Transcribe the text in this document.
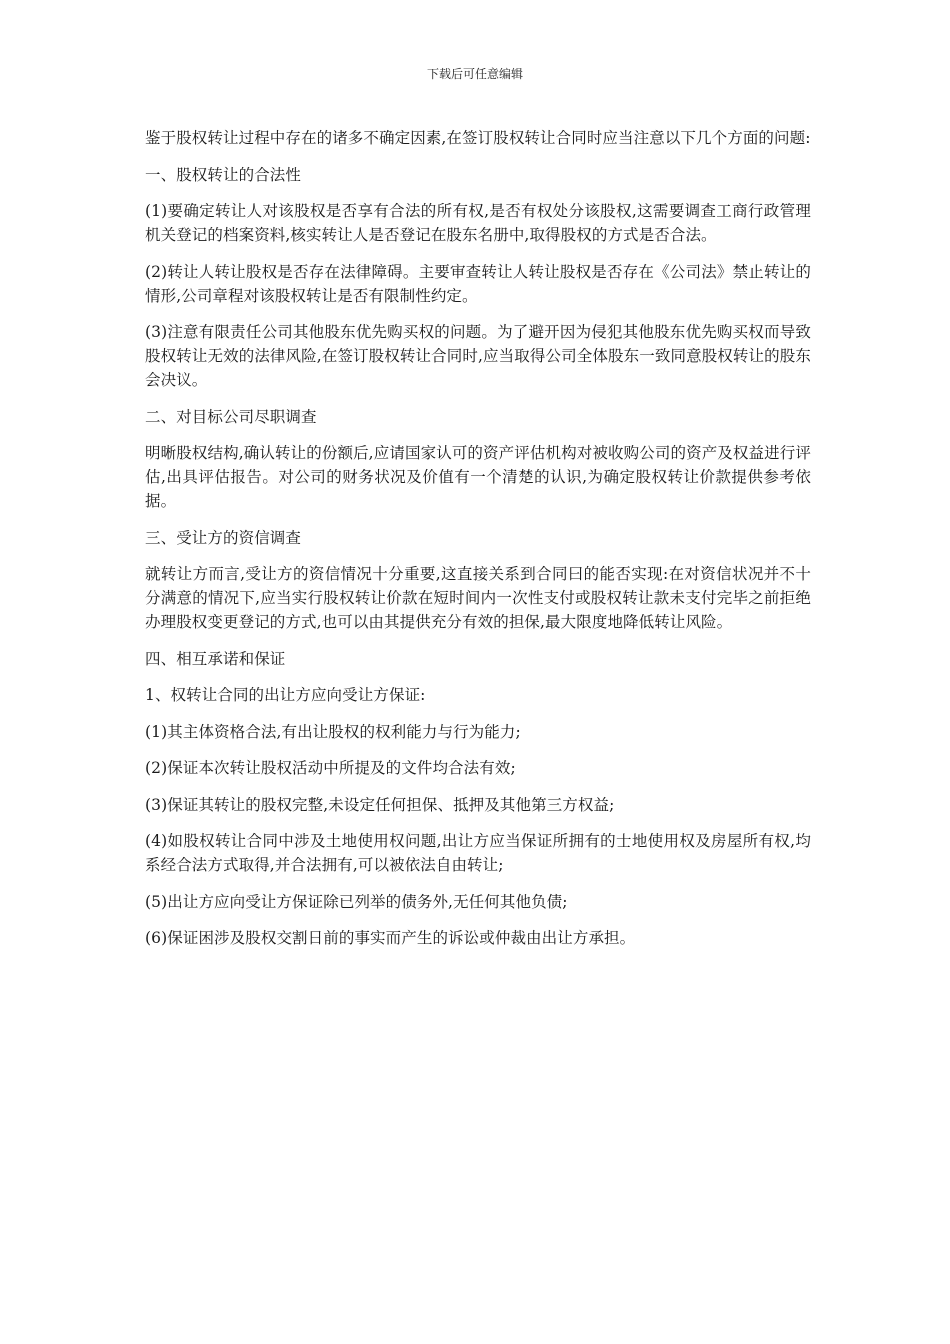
下载后可任意编辑

鉴于股权转让过程中存在的诸多不确定因素,在签订股权转让合同时应当注意以下几个方面的问题:

一、股权转让的合法性

(1)要确定转让人对该股权是否享有合法的所有权,是否有权处分该股权,这需要调查工商行政管理机关登记的档案资料,核实转让人是否登记在股东名册中,取得股权的方式是否合法。

(2)转让人转让股权是否存在法律障碍。主要审查转让人转让股权是否存在《公司法》禁止转让的情形,公司章程对该股权转让是否有限制性约定。

(3)注意有限责任公司其他股东优先购买权的问题。为了避开因为侵犯其他股东优先购买权而导致股权转让无效的法律风险,在签订股权转让合同时,应当取得公司全体股东一致同意股权转让的股东会决议。

二、对目标公司尽职调查

明晰股权结构,确认转让的份额后,应请国家认可的资产评估机构对被收购公司的资产及权益进行评估,出具评估报告。对公司的财务状况及价值有一个清楚的认识,为确定股权转让价款提供参考依据。

三、受让方的资信调查

就转让方而言,受让方的资信情况十分重要,这直接关系到合同曰的能否实现:在对资信状况并不十分满意的情况下,应当实行股权转让价款在短时间内一次性支付或股权转让款未支付完毕之前拒绝办理股权变更登记的方式,也可以由其提供充分有效的担保,最大限度地降低转让风险。

四、相互承诺和保证

1、权转让合同的出让方应向受让方保证:

(1)其主体资格合法,有出让股权的权利能力与行为能力;

(2)保证本次转让股权活动中所提及的文件均合法有效;

(3)保证其转让的股权完整,未设定任何担保、抵押及其他第三方权益;

(4)如股权转让合同中涉及土地使用权问题,出让方应当保证所拥有的士地使用权及房屋所有权,均系经合法方式取得,并合法拥有,可以被依法自由转让;

(5)出让方应向受让方保证除已列举的债务外,无任何其他负债;

(6)保证困涉及股权交割日前的事实而产生的诉讼或仲裁由出让方承担。
